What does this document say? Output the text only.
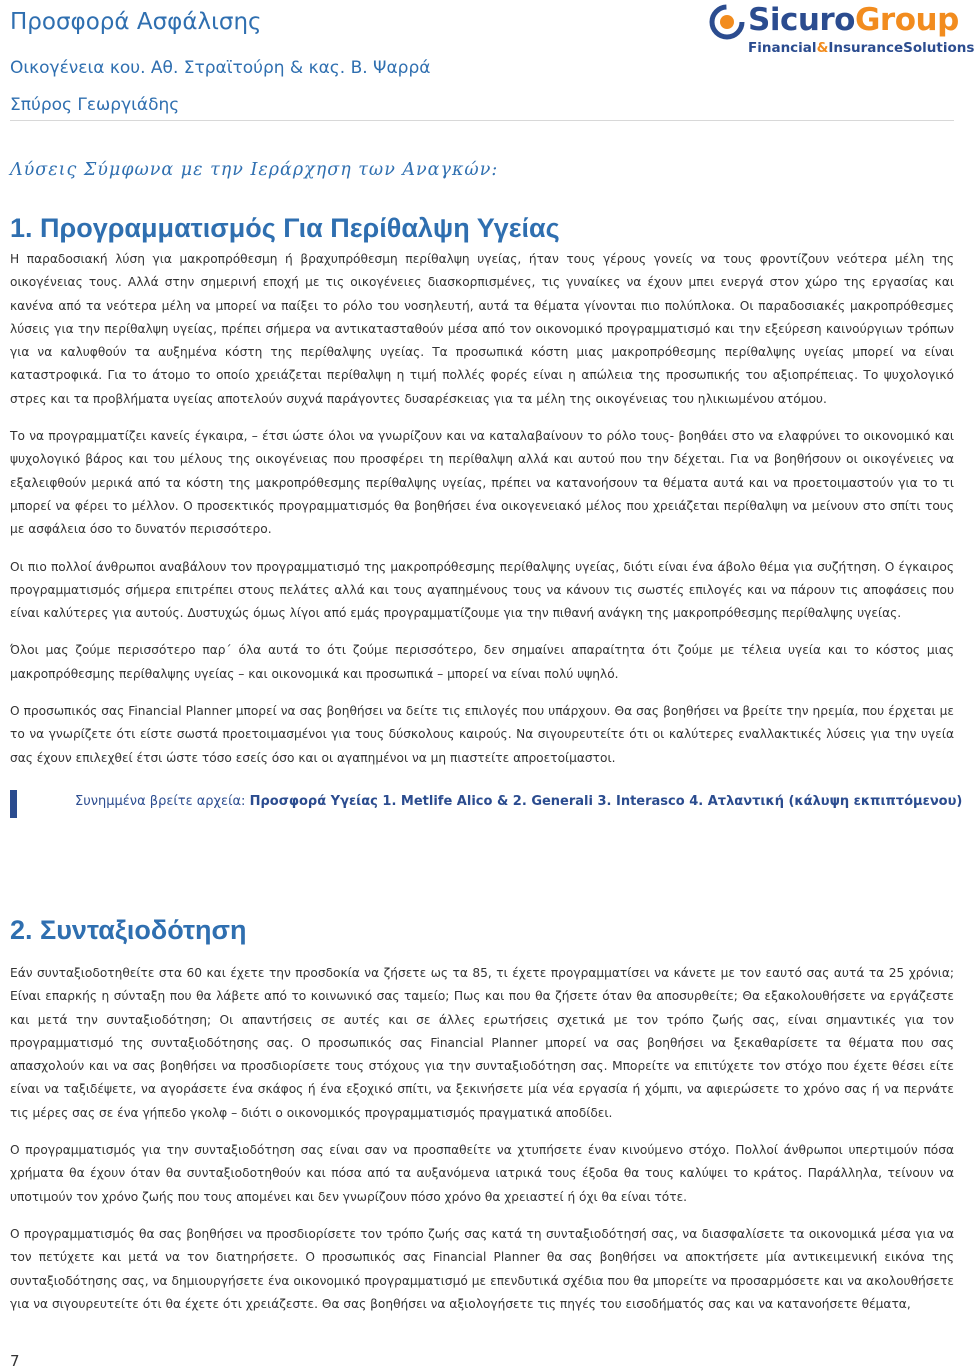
Προσφορά Ασφάλισης
Οικογένεια κου. Αθ. Στραϊτούρη & κας. Β. Ψαρρά
Σπύρος Γεωργιάδης
SicuroGroup
Financial&InsuranceSolutions
Λύσεις Σύμφωνα με την Ιεράρχηση των Αναγκών:
1. Προγραμματισμός Για Περίθαλψη Υγείας

Η παραδοσιακή λύση για μακροπρόθεσμη ή βραχυπρόθεσμη περίθαλψη υγείας, ήταν τους γέρους γονείς να τους φροντίζουν νεότερα μέλη της οικογένειας τους. Αλλά στην σημερινή εποχή με τις οικογένειες διασκορπισμένες, τις γυναίκες να έχουν μπει ενεργά στον χώρο της εργασίας και κανένα από τα νεότερα μέλη να μπορεί να παίξει το ρόλο του νοσηλευτή, αυτά τα θέματα γίνονται πιο πολύπλοκα. Οι παραδοσιακές μακροπρόθεσμες λύσεις για την περίθαλψη υγείας, πρέπει σήμερα να αντικατασταθούν μέσα από τον οικονομικό προγραμματισμό και την εξεύρεση καινούργιων τρόπων για να καλυφθούν τα αυξημένα κόστη της περίθαλψης υγείας. Τα προσωπικά κόστη μιας μακροπρόθεσμης περίθαλψης υγείας μπορεί να είναι καταστροφικά. Για το άτομο το οποίο χρειάζεται περίθαλψη η τιμή πολλές φορές είναι η απώλεια της προσωπικής του αξιοπρέπειας. Το ψυχολογικό στρες και τα προβλήματα υγείας αποτελούν συχνά παράγοντες δυσαρέσκειας για τα μέλη της οικογένειας του ηλικιωμένου ατόμου.

Το να προγραμματίζει κανείς έγκαιρα, – έτσι ώστε όλοι να γνωρίζουν και να καταλαβαίνουν το ρόλο τους- βοηθάει στο να ελαφρύνει το οικονομικό και ψυχολογικό βάρος και του μέλους της οικογένειας που προσφέρει τη περίθαλψη αλλά και αυτού που την δέχεται. Για να βοηθήσουν οι οικογένειες να εξαλειφθούν μερικά από τα κόστη της μακροπρόθεσμης περίθαλψης υγείας, πρέπει να κατανοήσουν τα θέματα αυτά και να προετοιμαστούν για το τι μπορεί να φέρει το μέλλον. Ο προσεκτικός προγραμματισμός θα βοηθήσει ένα οικογενειακό μέλος που χρειάζεται περίθαλψη να μείνουν στο σπίτι τους με ασφάλεια όσο το δυνατόν περισσότερο.

Οι πιο πολλοί άνθρωποι αναβάλουν τον προγραμματισμό της μακροπρόθεσμης περίθαλψης υγείας, διότι είναι ένα άβολο θέμα για συζήτηση. Ο έγκαιρος προγραμματισμός σήμερα επιτρέπει στους πελάτες αλλά και τους αγαπημένους τους να κάνουν τις σωστές επιλογές και να πάρουν τις αποφάσεις που είναι καλύτερες για αυτούς. Δυστυχώς όμως λίγοι από εμάς προγραμματίζουμε για την πιθανή ανάγκη της μακροπρόθεσμης περίθαλψης υγείας.

Όλοι μας ζούμε περισσότερο παρ΄ όλα αυτά το ότι ζούμε περισσότερο, δεν σημαίνει απαραίτητα ότι ζούμε με τέλεια υγεία και το κόστος μιας μακροπρόθεσμης περίθαλψης υγείας – και οικονομικά και προσωπικά – μπορεί να είναι πολύ υψηλό.

Ο προσωπικός σας Financial Planner μπορεί να σας βοηθήσει να δείτε τις επιλογές που υπάρχουν. Θα σας βοηθήσει να βρείτε την ηρεμία, που έρχεται με το να γνωρίζετε ότι είστε σωστά προετοιμασμένοι για τους δύσκολους καιρούς. Να σιγουρευτείτε ότι οι καλύτερες εναλλακτικές λύσεις για την υγεία σας έχουν επιλεχθεί έτσι ώστε τόσο εσείς όσο και οι αγαπημένοι να μη πιαστείτε απροετοίμαστοι.

Συνημμένα βρείτε αρχεία: Προσφορά Υγείας 1. Metlife Alico & 2. Generali 3. Interasco 4. Ατλαντική (κάλυψη εκπιπτόμενου)
2. Συνταξιοδότηση

Εάν συνταξιοδοτηθείτε στα 60 και έχετε την προσδοκία να ζήσετε ως τα 85, τι έχετε προγραμματίσει να κάνετε με τον εαυτό σας αυτά τα 25 χρόνια; Είναι επαρκής η σύνταξη που θα λάβετε από το κοινωνικό σας ταμείο; Πως και που θα ζήσετε όταν θα αποσυρθείτε; Θα εξακολουθήσετε να εργάζεστε και μετά την συνταξιοδότηση; Οι απαντήσεις σε αυτές και σε άλλες ερωτήσεις σχετικά με τον τρόπο ζωής σας, είναι σημαντικές για τον προγραμματισμό της συνταξιοδότησης σας. Ο προσωπικός σας Financial Planner μπορεί να σας βοηθήσει να ξεκαθαρίσετε τα θέματα που σας απασχολούν και να σας βοηθήσει να προσδιορίσετε τους στόχους για την συνταξιοδότηση σας. Μπορείτε να επιτύχετε τον στόχο που έχετε θέσει είτε είναι να ταξιδέψετε, να αγοράσετε ένα σκάφος ή ένα εξοχικό σπίτι, να ξεκινήσετε μία νέα εργασία ή χόμπι, να αφιερώσετε το χρόνο σας ή να περνάτε τις μέρες σας σε ένα γήπεδο γκολφ – διότι ο οικονομικός προγραμματισμός πραγματικά αποδίδει.

Ο προγραμματισμός για την συνταξιοδότηση σας είναι σαν να προσπαθείτε να χτυπήσετε έναν κινούμενο στόχο. Πολλοί άνθρωποι υπερτιμούν πόσα χρήματα θα έχουν όταν θα συνταξιοδοτηθούν και πόσα από τα αυξανόμενα ιατρικά τους έξοδα θα τους καλύψει το κράτος. Παράλληλα, τείνουν να υποτιμούν τον χρόνο ζωής που τους απομένει και δεν γνωρίζουν πόσο χρόνο θα χρειαστεί ή όχι θα είναι τότε.

Ο προγραμματισμός θα σας βοηθήσει να προσδιορίσετε τον τρόπο ζωής σας κατά τη συνταξιοδότησή σας, να διασφαλίσετε τα οικονομικά μέσα για να τον πετύχετε και μετά να τον διατηρήσετε. Ο προσωπικός σας Financial Planner θα σας βοηθήσει να αποκτήσετε μία αντικειμενική εικόνα της συνταξιοδότησης σας, να δημιουργήσετε ένα οικονομικό προγραμματισμό με επενδυτικά σχέδια που θα μπορείτε να προσαρμόσετε και να ακολουθήσετε για να σιγουρευτείτε ότι θα έχετε ότι χρειάζεστε. Θα σας βοηθήσει να αξιολογήσετε τις πηγές του εισοδήματός σας και να κατανοήσετε θέματα,

7
